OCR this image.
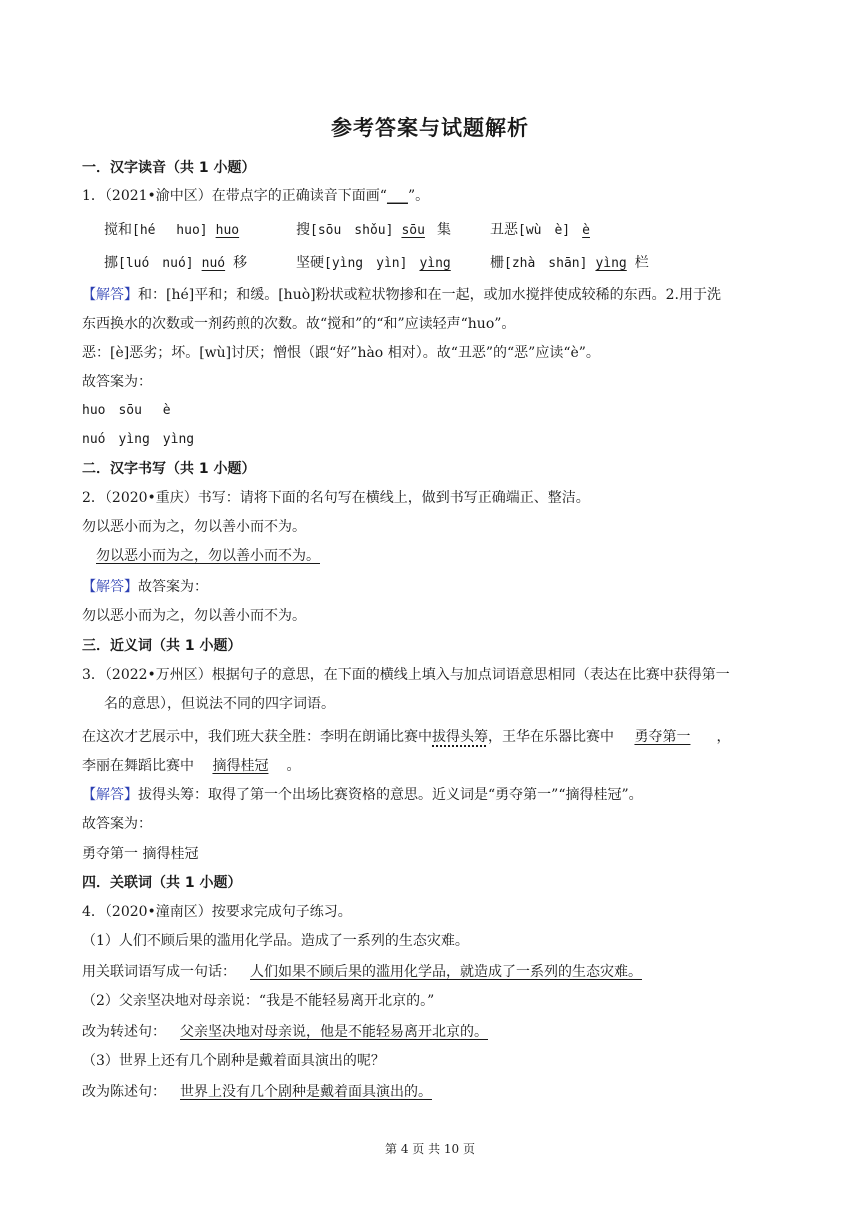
参考答案与试题解析
一．汉字读音（共 1 小题）
1．（2021•渝中区）在带点字的正确读音下面画“___”。
搅和[hé　 huo] huo	搜[sōu　shǒu] sōu 集	丑恶[wù　è] è
挪[luó　nuó] nuó 移	坚硬[yìng　yìn] yìng	栅[zhà　shān] yìng 栏
【解答】和：[hé]平和；和缓。[huò]粉状或粒状物掺和在一起，或加水搅拌使成较稀的东西。2.用于洗
东西换水的次数或一剂药煎的次数。故“搅和”的“和”应读轻声“huo”。
恶：[è]恶劣；坏。[wù]讨厌；憎恨（跟“好”hào 相对）。故“丑恶”的“恶”应读“è”。
故答案为：
huo　sōu　 è
nuó　yìng　yìng
二．汉字书写（共 1 小题）
2．（2020•重庆）书写：请将下面的名句写在横线上，做到书写正确端正、整洁。
勿以恶小而为之，勿以善小而不为。
勿以恶小而为之，勿以善小而不为。
【解答】故答案为：
勿以恶小而为之，勿以善小而不为。
三．近义词（共 1 小题）
3．（2022•万州区）根据句子的意思，在下面的横线上填入与加点词语意思相同（表达在比赛中获得第一
名的意思），但说法不同的四字词语。
在这次才艺展示中，我们班大获全胜：李明在朗诵比赛中拔得头筹，王华在乐器比赛中 勇夺第一 ，
李丽在舞蹈比赛中 摘得桂冠 。
【解答】拔得头筹：取得了第一个出场比赛资格的意思。近义词是“勇夺第一”“摘得桂冠”。
故答案为：
勇夺第一 摘得桂冠
四．关联词（共 1 小题）
4．（2020•潼南区）按要求完成句子练习。
（1）人们不顾后果的滥用化学品。造成了一系列的生态灾难。
用关联词语写成一句话： 人们如果不顾后果的滥用化学品，就造成了一系列的生态灾难。
（2）父亲坚决地对母亲说：“我是不能轻易离开北京的。”
改为转述句： 父亲坚决地对母亲说，他是不能轻易离开北京的。
（3）世界上还有几个剧种是戴着面具演出的呢？
改为陈述句： 世界上没有几个剧种是戴着面具演出的。
第 4 页 共 10 页
